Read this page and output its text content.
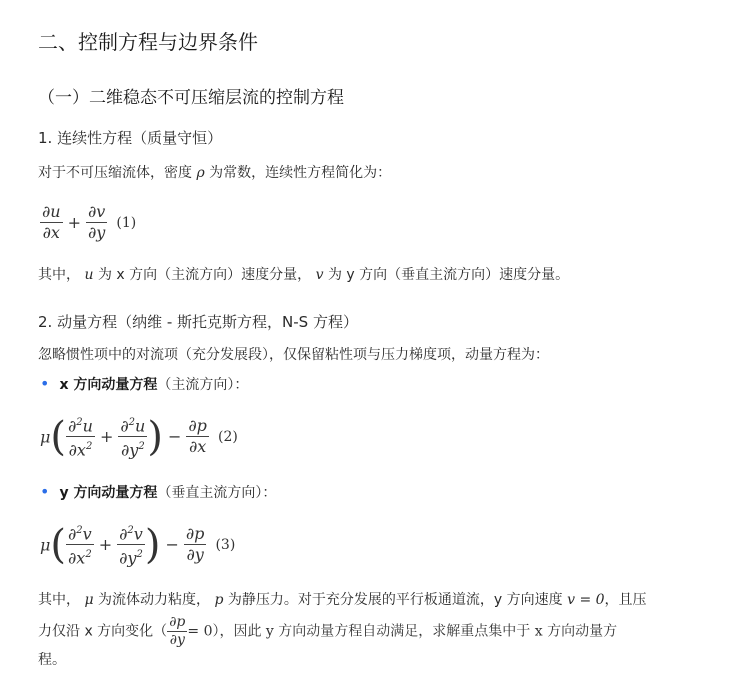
二、控制方程与边界条件
（一）二维稳态不可压缩层流的控制方程
1. 连续性方程（质量守恒）
对于不可压缩流体，密度 ρ 为常数，连续性方程简化为：
$\frac{\partial u}{\partial x} + \frac{\partial v}{\partial y} (1)$
其中， u 为 x 方向（主流方向）速度分量， v 为 y 方向（垂直主流方向）速度分量。
2. 动量方程（纳维 - 斯托克斯方程，N-S 方程）
忽略惯性项中的对流项（充分发展段），仅保留粘性项与压力梯度项，动量方程为：
• x 方向动量方程（主流方向）：
$\mu( \frac{\partial^2u}{\partial x^2} + \frac{\partial^2u}{\partial y^2}$ ) − $\frac{\partial p}{\partial x} (2)$
• y 方向动量方程（垂直主流方向）：
$\mu( \frac{\partial^2v}{\partial x^2} + \frac{\partial^2v}{\partial y^2}$ ) − $\frac{\partial p}{\partial y} (3)$
其中， μ 为流体动力粘度， p 为静压力。对于充分发展的平行板通道流，y 方向速度 v = 0，且压
力仅沿 x 方向变化（ $\frac{\partial p}{\partial y} = 0$），因此 y 方向动量方程自动满足，求解重点集中于 x 方向动量方
程。
